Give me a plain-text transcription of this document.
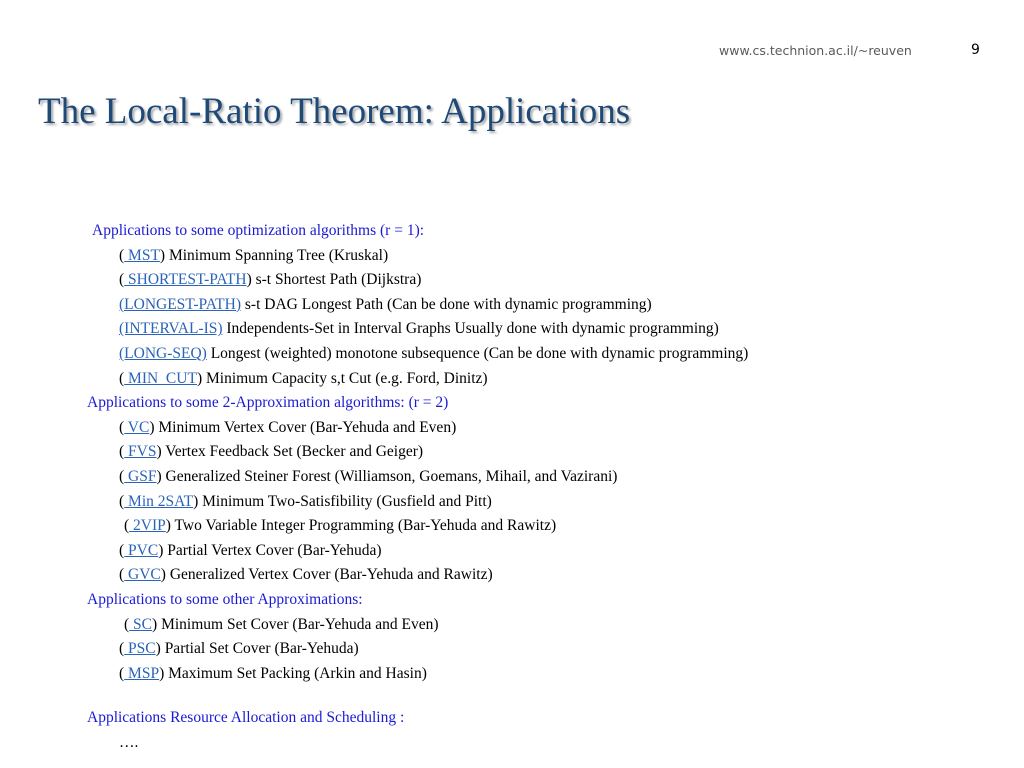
www.cs.technion.ac.il/~reuven	9
The Local-Ratio Theorem: Applications
Applications to some optimization algorithms (r = 1):
( MST) Minimum Spanning Tree (Kruskal)
( SHORTEST-PATH) s-t Shortest Path (Dijkstra)
(LONGEST-PATH) s-t DAG Longest Path (Can be done with dynamic programming)
(INTERVAL-IS) Independents-Set in Interval Graphs Usually done with dynamic programming)
(LONG-SEQ) Longest (weighted) monotone subsequence (Can be done with dynamic programming)
( MIN_CUT) Minimum Capacity s,t Cut (e.g. Ford, Dinitz)
Applications to some 2-Approximation algorithms: (r = 2)
( VC) Minimum Vertex Cover (Bar-Yehuda and Even)
( FVS) Vertex Feedback Set (Becker and Geiger)
( GSF) Generalized Steiner Forest (Williamson, Goemans, Mihail, and Vazirani)
( Min 2SAT) Minimum Two-Satisfibility (Gusfield and Pitt)
( 2VIP) Two Variable Integer Programming (Bar-Yehuda and Rawitz)
( PVC) Partial Vertex Cover (Bar-Yehuda)
( GVC) Generalized Vertex Cover (Bar-Yehuda and Rawitz)
Applications to some other Approximations:
( SC) Minimum Set Cover (Bar-Yehuda and Even)
( PSC) Partial Set Cover (Bar-Yehuda)
( MSP) Maximum Set Packing (Arkin and Hasin)
Applications Resource Allocation and Scheduling :
….
